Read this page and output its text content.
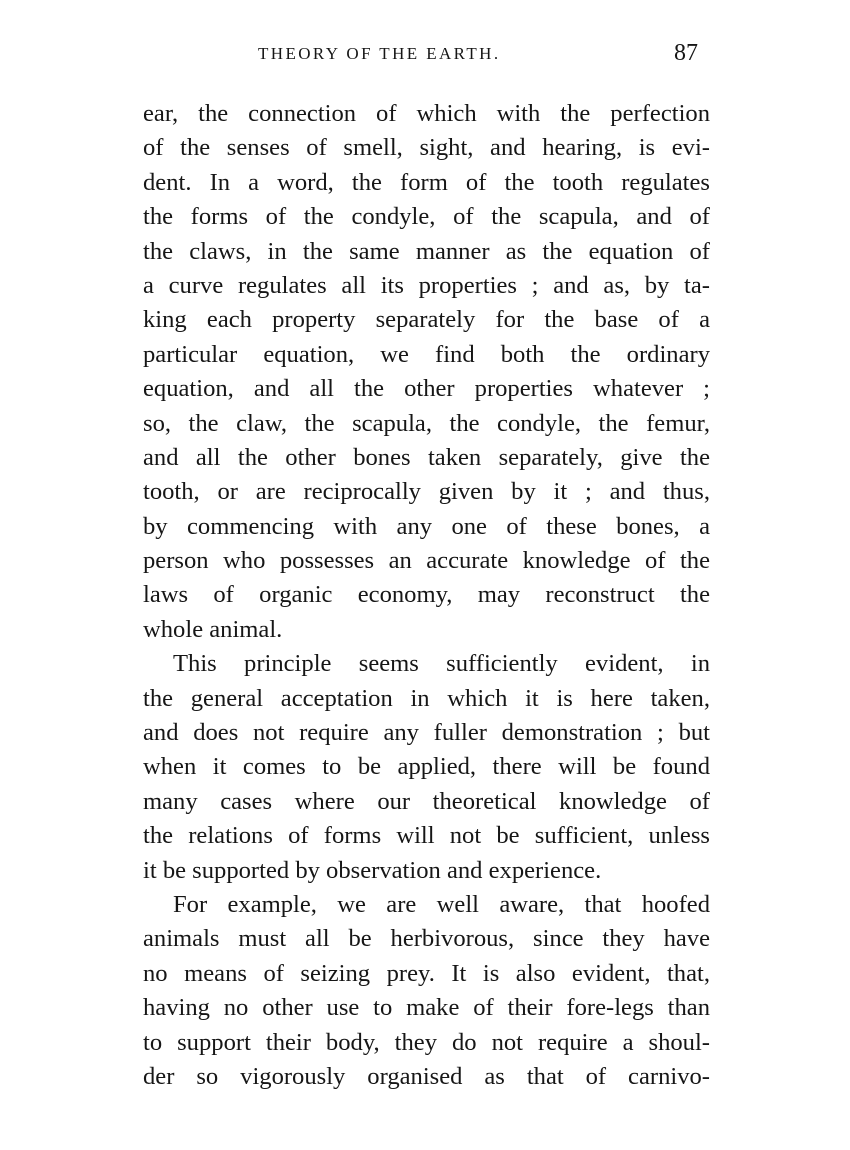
THEORY OF THE EARTH.	87
ear, the connection of which with the perfection
of the senses of smell, sight, and hearing, is evi-
dent. In a word, the form of the tooth regulates
the forms of the condyle, of the scapula, and of
the claws, in the same manner as the equation of
a curve regulates all its properties ; and as, by ta-
king each property separately for the base of a
particular equation, we find both the ordinary
equation, and all the other properties whatever ;
so, the claw, the scapula, the condyle, the femur,
and all the other bones taken separately, give the
tooth, or are reciprocally given by it ; and thus,
by commencing with any one of these bones, a
person who possesses an accurate knowledge of the
laws of organic economy, may reconstruct the
whole animal.
This principle seems sufficiently evident, in
the general acceptation in which it is here taken,
and does not require any fuller demonstration ; but
when it comes to be applied, there will be found
many cases where our theoretical knowledge of
the relations of forms will not be sufficient, unless
it be supported by observation and experience.
For example, we are well aware, that hoofed
animals must all be herbivorous, since they have
no means of seizing prey. It is also evident, that,
having no other use to make of their fore-legs than
to support their body, they do not require a shoul-
der so vigorously organised as that of carnivo-
